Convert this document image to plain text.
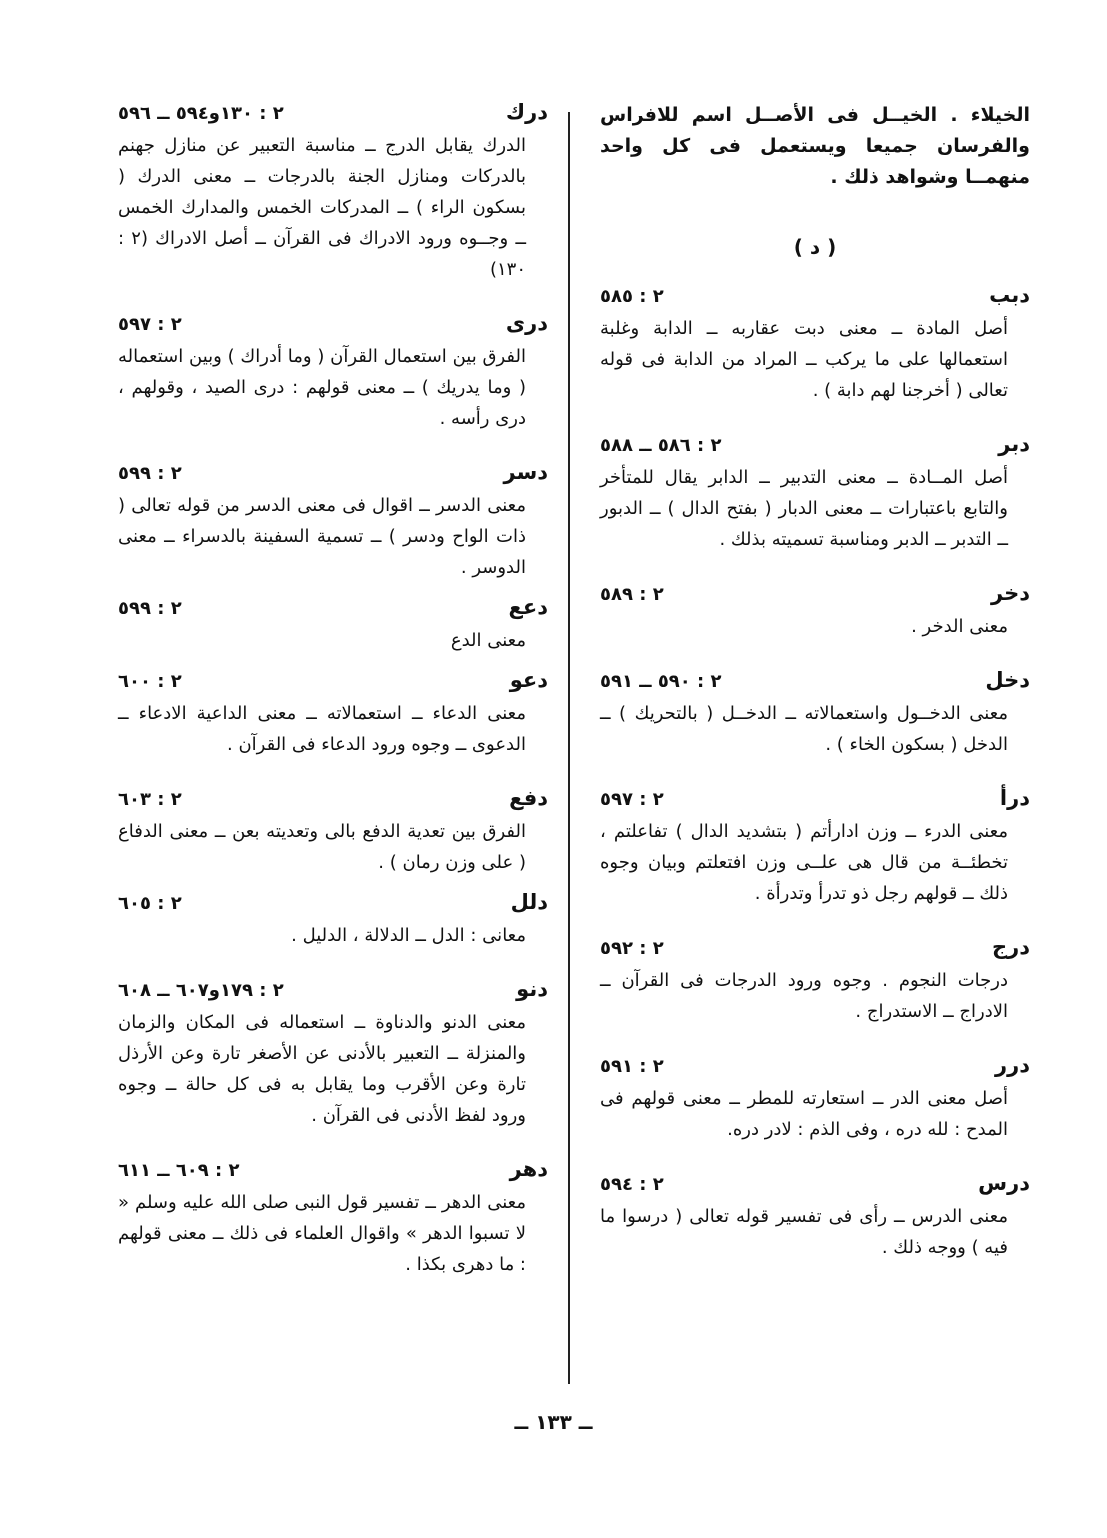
الخيلاء . الخيــل فى الأصــل اسم للافراس والفرسان جميعا ويستعمل فى كل واحد منهمــا وشواهد ذلك .

( د )
دبب
٢ : ٥٨٥
أصل المادة ــ معنى دبت عقاربه ــ الدابة وغلبة استعمالها على ما يركب ــ المراد من الدابة فى قوله تعالى ( أخرجنا لهم دابة ) .
دبر
٢ : ٥٨٦ ــ ٥٨٨
أصل المــادة ــ معنى التدبير ــ الدابر يقال للمتأخر والتابع باعتبارات ــ معنى الدبار ( بفتح الدال ) ــ الدبور ــ التدبر ــ الدبر ومناسبة تسميته بذلك .
دخر
٢ : ٥٨٩
معنى الدخر .
دخل
٢ : ٥٩٠ ــ ٥٩١
معنى الدخــول واستعمالاته ــ الدخــل ( بالتحريك ) ــ الدخل ( بسكون الخاء ) .
درأ
٢ : ٥٩٧
معنى الدرء ــ وزن ادارأتم ( بتشديد الدال ) تفاعلتم ، تخطئــة من قال هى علــى وزن افتعلتم وبيان وجوه ذلك ــ قولهم رجل ذو تدرأ وتدرأة .
درج
٢ : ٥٩٢
درجات النجوم . وجوه ورود الدرجات فى القرآن ــ الادراج ــ الاستدراج .
درر
٢ : ٥٩١
أصل معنى الدر ــ استعارته للمطر ــ معنى قولهم فى المدح : لله دره ، وفى الذم : لادر دره.
درس
٢ : ٥٩٤
معنى الدرس ــ رأى فى تفسير قوله تعالى ( درسوا ما فيه ) ووجه ذلك .
درك
٢ : ١٣٠و٥٩٤ ــ ٥٩٦
الدرك يقابل الدرج ــ مناسبة التعبير عن منازل جهنم بالدركات ومنازل الجنة بالدرجات ــ معنى الدرك ( بسكون الراء ) ــ المدركات الخمس والمدارك الخمس ــ وجــوه ورود الادراك فى القرآن ــ أصل الادراك (٢ : ١٣٠)
درى
٢ : ٥٩٧
الفرق بين استعمال القرآن ( وما أدراك ) وبين استعماله ( وما يدريك ) ــ معنى قولهم : درى الصيد ، وقولهم ، درى رأسه .
دسر
٢ : ٥٩٩
معنى الدسر ــ اقوال فى معنى الدسر من قوله تعالى ( ذات الواح ودسر ) ــ تسمية السفينة بالدسراء ــ معنى الدوسر .
دعع
٢ : ٥٩٩
معنى الدع
دعو
٢ : ٦٠٠
معنى الدعاء ــ استعمالاته ــ معنى الداعية الادعاء ــ الدعوى ــ وجوه ورود الدعاء فى القرآن .
دفع
٢ : ٦٠٣
الفرق بين تعدية الدفع بالى وتعديته بعن ــ معنى الدفاع ( على وزن رمان ) .
دلل
٢ : ٦٠٥
معانى : الدل ــ الدلالة ، الدليل .
دنو
٢ : ١٧٩و٦٠٧ ــ ٦٠٨
معنى الدنو والدناوة ــ استعماله فى المكان والزمان والمنزلة ــ التعبير بالأدنى عن الأصغر تارة وعن الأرذل تارة وعن الأقرب وما يقابل به فى كل حالة ــ وجوه ورود لفظ الأدنى فى القرآن .
دهر
٢ : ٦٠٩ ــ ٦١١
معنى الدهر ــ تفسير قول النبى صلى الله عليه وسلم « لا تسبوا الدهر » واقوال العلماء فى ذلك ــ معنى قولهم : ما دهرى بكذا .
ــ ١٣٣ ــ
